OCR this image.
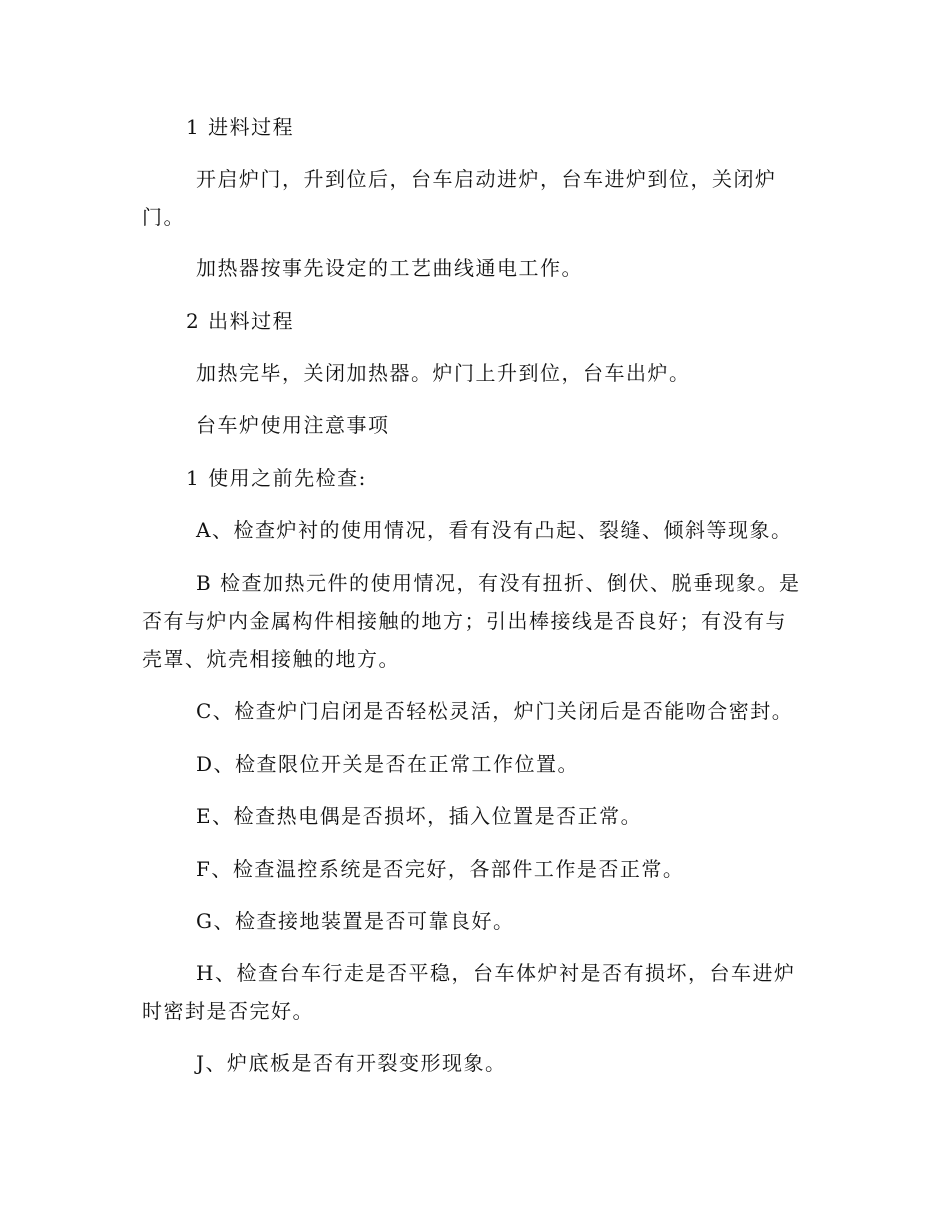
1 进料过程

开启炉门，升到位后，台车启动进炉，台车进炉到位，关闭炉门。

加热器按事先设定的工艺曲线通电工作。

2 出料过程

加热完毕，关闭加热器。炉门上升到位，台车出炉。

台车炉使用注意事项

1 使用之前先检查:

A、检查炉衬的使用情况，看有没有凸起、裂缝、倾斜等现象。

B 检查加热元件的使用情况，有没有扭折、倒伏、脱垂现象。是否有与炉内金属构件相接触的地方；引出棒接线是否良好；有没有与壳罩、炕壳相接触的地方。

C、检查炉门启闭是否轻松灵活，炉门关闭后是否能吻合密封。

D、检查限位开关是否在正常工作位置。

E、检查热电偶是否损坏，插入位置是否正常。

F、检查温控系统是否完好，各部件工作是否正常。

G、检查接地装置是否可靠良好。

H、检查台车行走是否平稳，台车体炉衬是否有损坏，台车进炉时密封是否完好。

J、炉底板是否有开裂变形现象。
